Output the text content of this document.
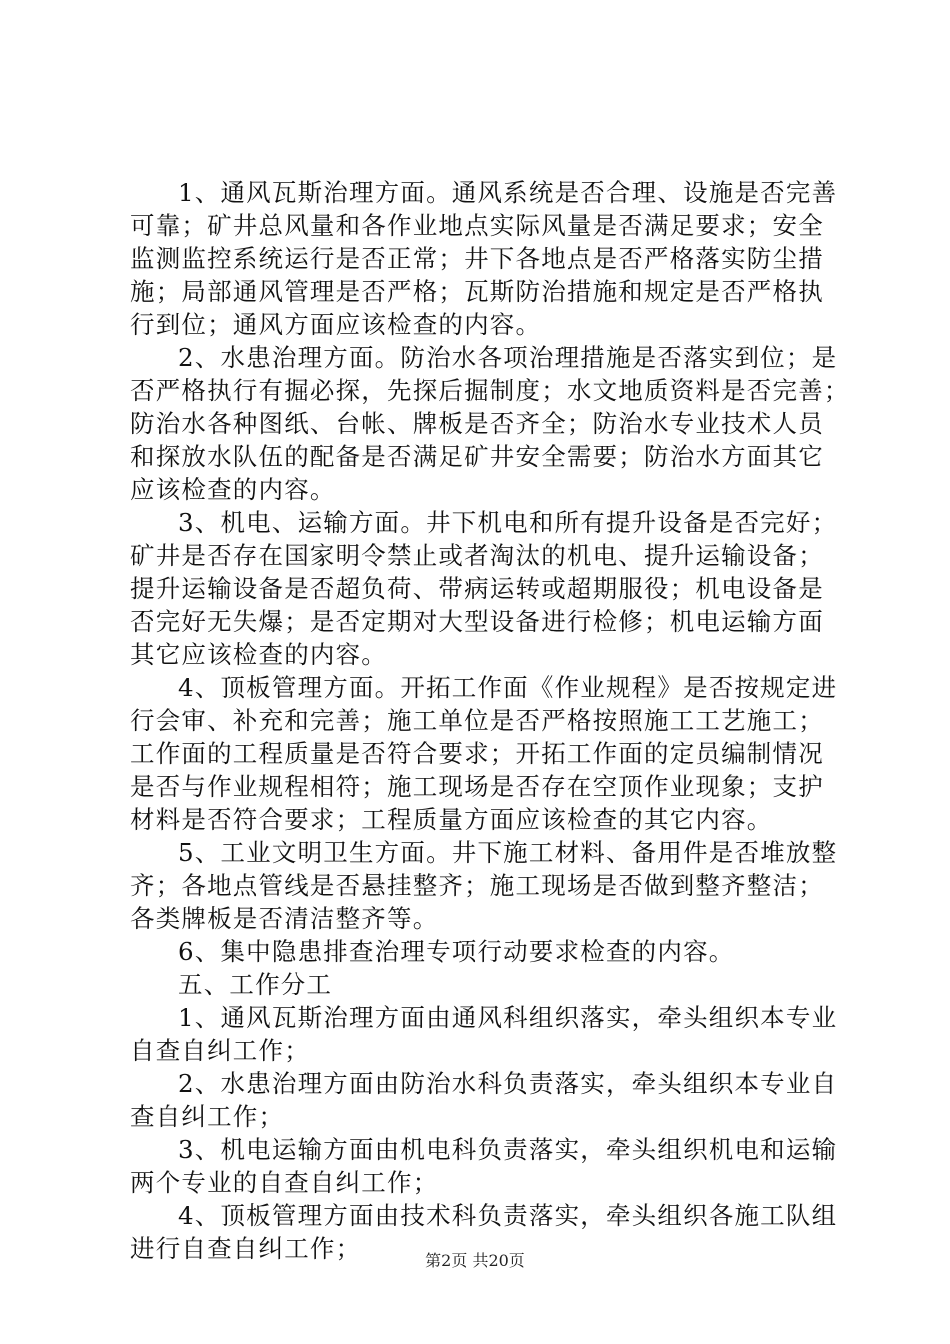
1、通风瓦斯治理方面。通风系统是否合理、设施是否完善
可靠；矿井总风量和各作业地点实际风量是否满足要求；安全
监测监控系统运行是否正常；井下各地点是否严格落实防尘措
施；局部通风管理是否严格；瓦斯防治措施和规定是否严格执
行到位；通风方面应该检查的内容。
2、水患治理方面。防治水各项治理措施是否落实到位；是
否严格执行有掘必探，先探后掘制度；水文地质资料是否完善；
防治水各种图纸、台帐、牌板是否齐全；防治水专业技术人员
和探放水队伍的配备是否满足矿井安全需要；防治水方面其它
应该检查的内容。
3、机电、运输方面。井下机电和所有提升设备是否完好；
矿井是否存在国家明令禁止或者淘汰的机电、提升运输设备；
提升运输设备是否超负荷、带病运转或超期服役；机电设备是
否完好无失爆；是否定期对大型设备进行检修；机电运输方面
其它应该检查的内容。
4、顶板管理方面。开拓工作面《作业规程》是否按规定进
行会审、补充和完善；施工单位是否严格按照施工工艺施工；
工作面的工程质量是否符合要求；开拓工作面的定员编制情况
是否与作业规程相符；施工现场是否存在空顶作业现象；支护
材料是否符合要求；工程质量方面应该检查的其它内容。
5、工业文明卫生方面。井下施工材料、备用件是否堆放整
齐；各地点管线是否悬挂整齐；施工现场是否做到整齐整洁；
各类牌板是否清洁整齐等。
6、集中隐患排查治理专项行动要求检查的内容。
五、工作分工
1、通风瓦斯治理方面由通风科组织落实，牵头组织本专业
自查自纠工作；
2、水患治理方面由防治水科负责落实，牵头组织本专业自
查自纠工作；
3、机电运输方面由机电科负责落实，牵头组织机电和运输
两个专业的自查自纠工作；
4、顶板管理方面由技术科负责落实，牵头组织各施工队组
进行自查自纠工作；	第2页 共20页
